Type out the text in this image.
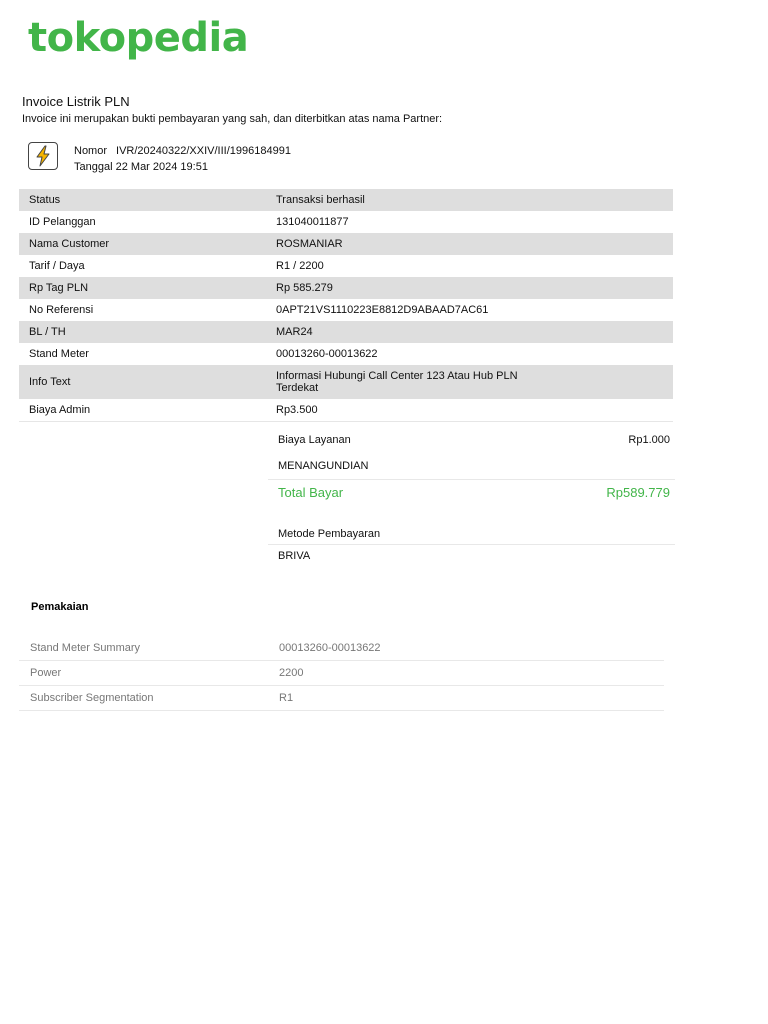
tokopedia
Invoice Listrik PLN
Invoice ini merupakan bukti pembayaran yang sah, dan diterbitkan atas nama Partner:
Nomor IVR/20240322/XXIV/III/1996184991
Tanggal 22 Mar 2024 19:51
Status	Transaksi berhasil
ID Pelanggan	131040011877
Nama Customer	ROSMANIAR
Tarif / Daya	R1 / 2200
Rp Tag PLN	Rp 585.279
No Referensi	0APT21VS1110223E8812D9ABAAD7AC61
BL / TH	MAR24
Stand Meter	00013260-00013622
Info Text	Informasi Hubungi Call Center 123 Atau Hub PLN Terdekat

Biaya Admin	Rp3.500
Biaya Layanan	Rp1.000
MENANGUNDIAN
Total Bayar	Rp589.779
Metode Pembayaran
BRIVA
Pemakaian
Stand Meter Summary	00013260-00013622
Power	2200
Subscriber Segmentation	R1
